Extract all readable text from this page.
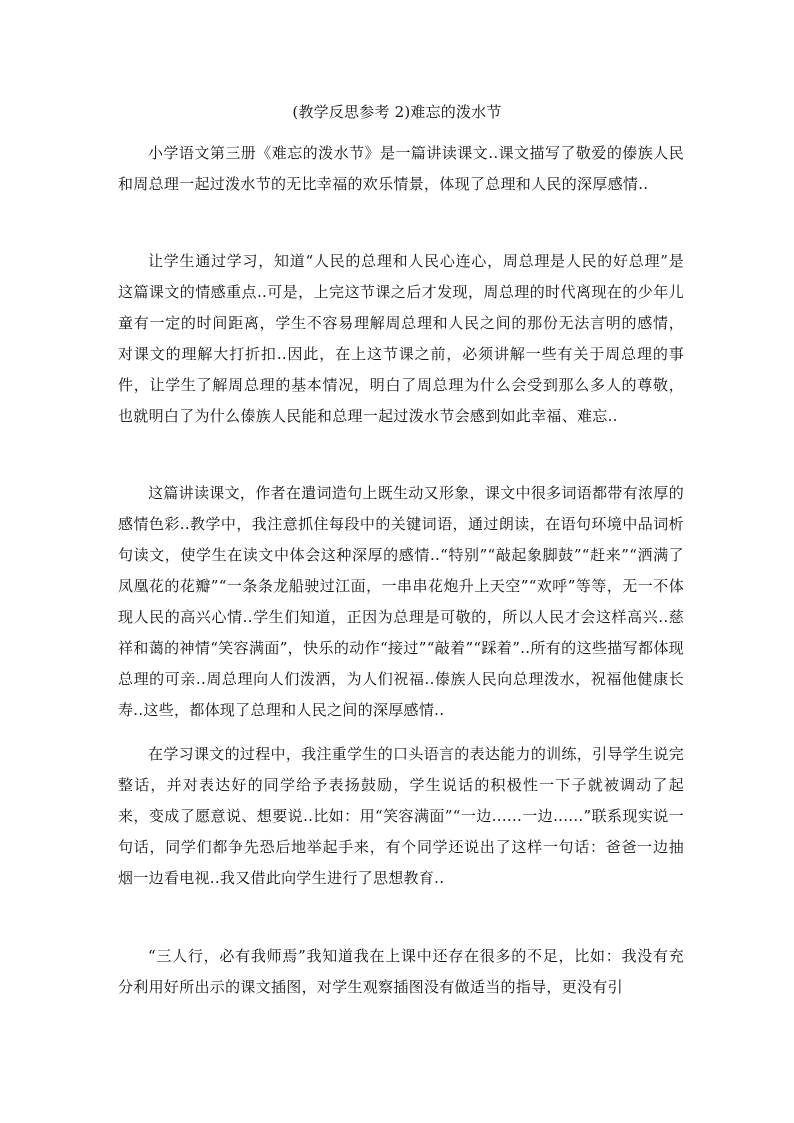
(教学反思参考 2)难忘的泼水节

小学语文第三册《难忘的泼水节》是一篇讲读课文..课文描写了敬爱的傣族人民和周总理一起过泼水节的无比幸福的欢乐情景，体现了总理和人民的深厚感情..

让学生通过学习，知道“人民的总理和人民心连心，周总理是人民的好总理”是这篇课文的情感重点..可是，上完这节课之后才发现，周总理的时代离现在的少年儿童有一定的时间距离，学生不容易理解周总理和人民之间的那份无法言明的感情，对课文的理解大打折扣..因此，在上这节课之前，必须讲解一些有关于周总理的事件，让学生了解周总理的基本情况，明白了周总理为什么会受到那么多人的尊敬，也就明白了为什么傣族人民能和总理一起过泼水节会感到如此幸福、难忘..

这篇讲读课文，作者在遣词造句上既生动又形象，课文中很多词语都带有浓厚的感情色彩..教学中，我注意抓住每段中的关键词语，通过朗读，在语句环境中品词析句读文，使学生在读文中体会这种深厚的感情..“特别”“敲起象脚鼓”“赶来”“洒满了凤凰花的花瓣”“一条条龙船驶过江面，一串串花炮升上天空”“欢呼”等等，无一不体现人民的高兴心情..学生们知道，正因为总理是可敬的，所以人民才会这样高兴..慈祥和蔼的神情“笑容满面”，快乐的动作“接过”“敲着”“踩着”..所有的这些描写都体现总理的可亲..周总理向人们泼洒，为人们祝福..傣族人民向总理泼水，祝福他健康长寿..这些，都体现了总理和人民之间的深厚感情..

在学习课文的过程中，我注重学生的口头语言的表达能力的训练，引导学生说完整话，并对表达好的同学给予表扬鼓励，学生说话的积极性一下子就被调动了起来，变成了愿意说、想要说..比如：用“笑容满面”“一边......一边......”联系现实说一句话，同学们都争先恐后地举起手来，有个同学还说出了这样一句话：爸爸一边抽烟一边看电视..我又借此向学生进行了思想教育..

“三人行，必有我师焉”我知道我在上课中还存在很多的不足，比如：我没有充分利用好所出示的课文插图，对学生观察插图没有做适当的指导，更没有引
